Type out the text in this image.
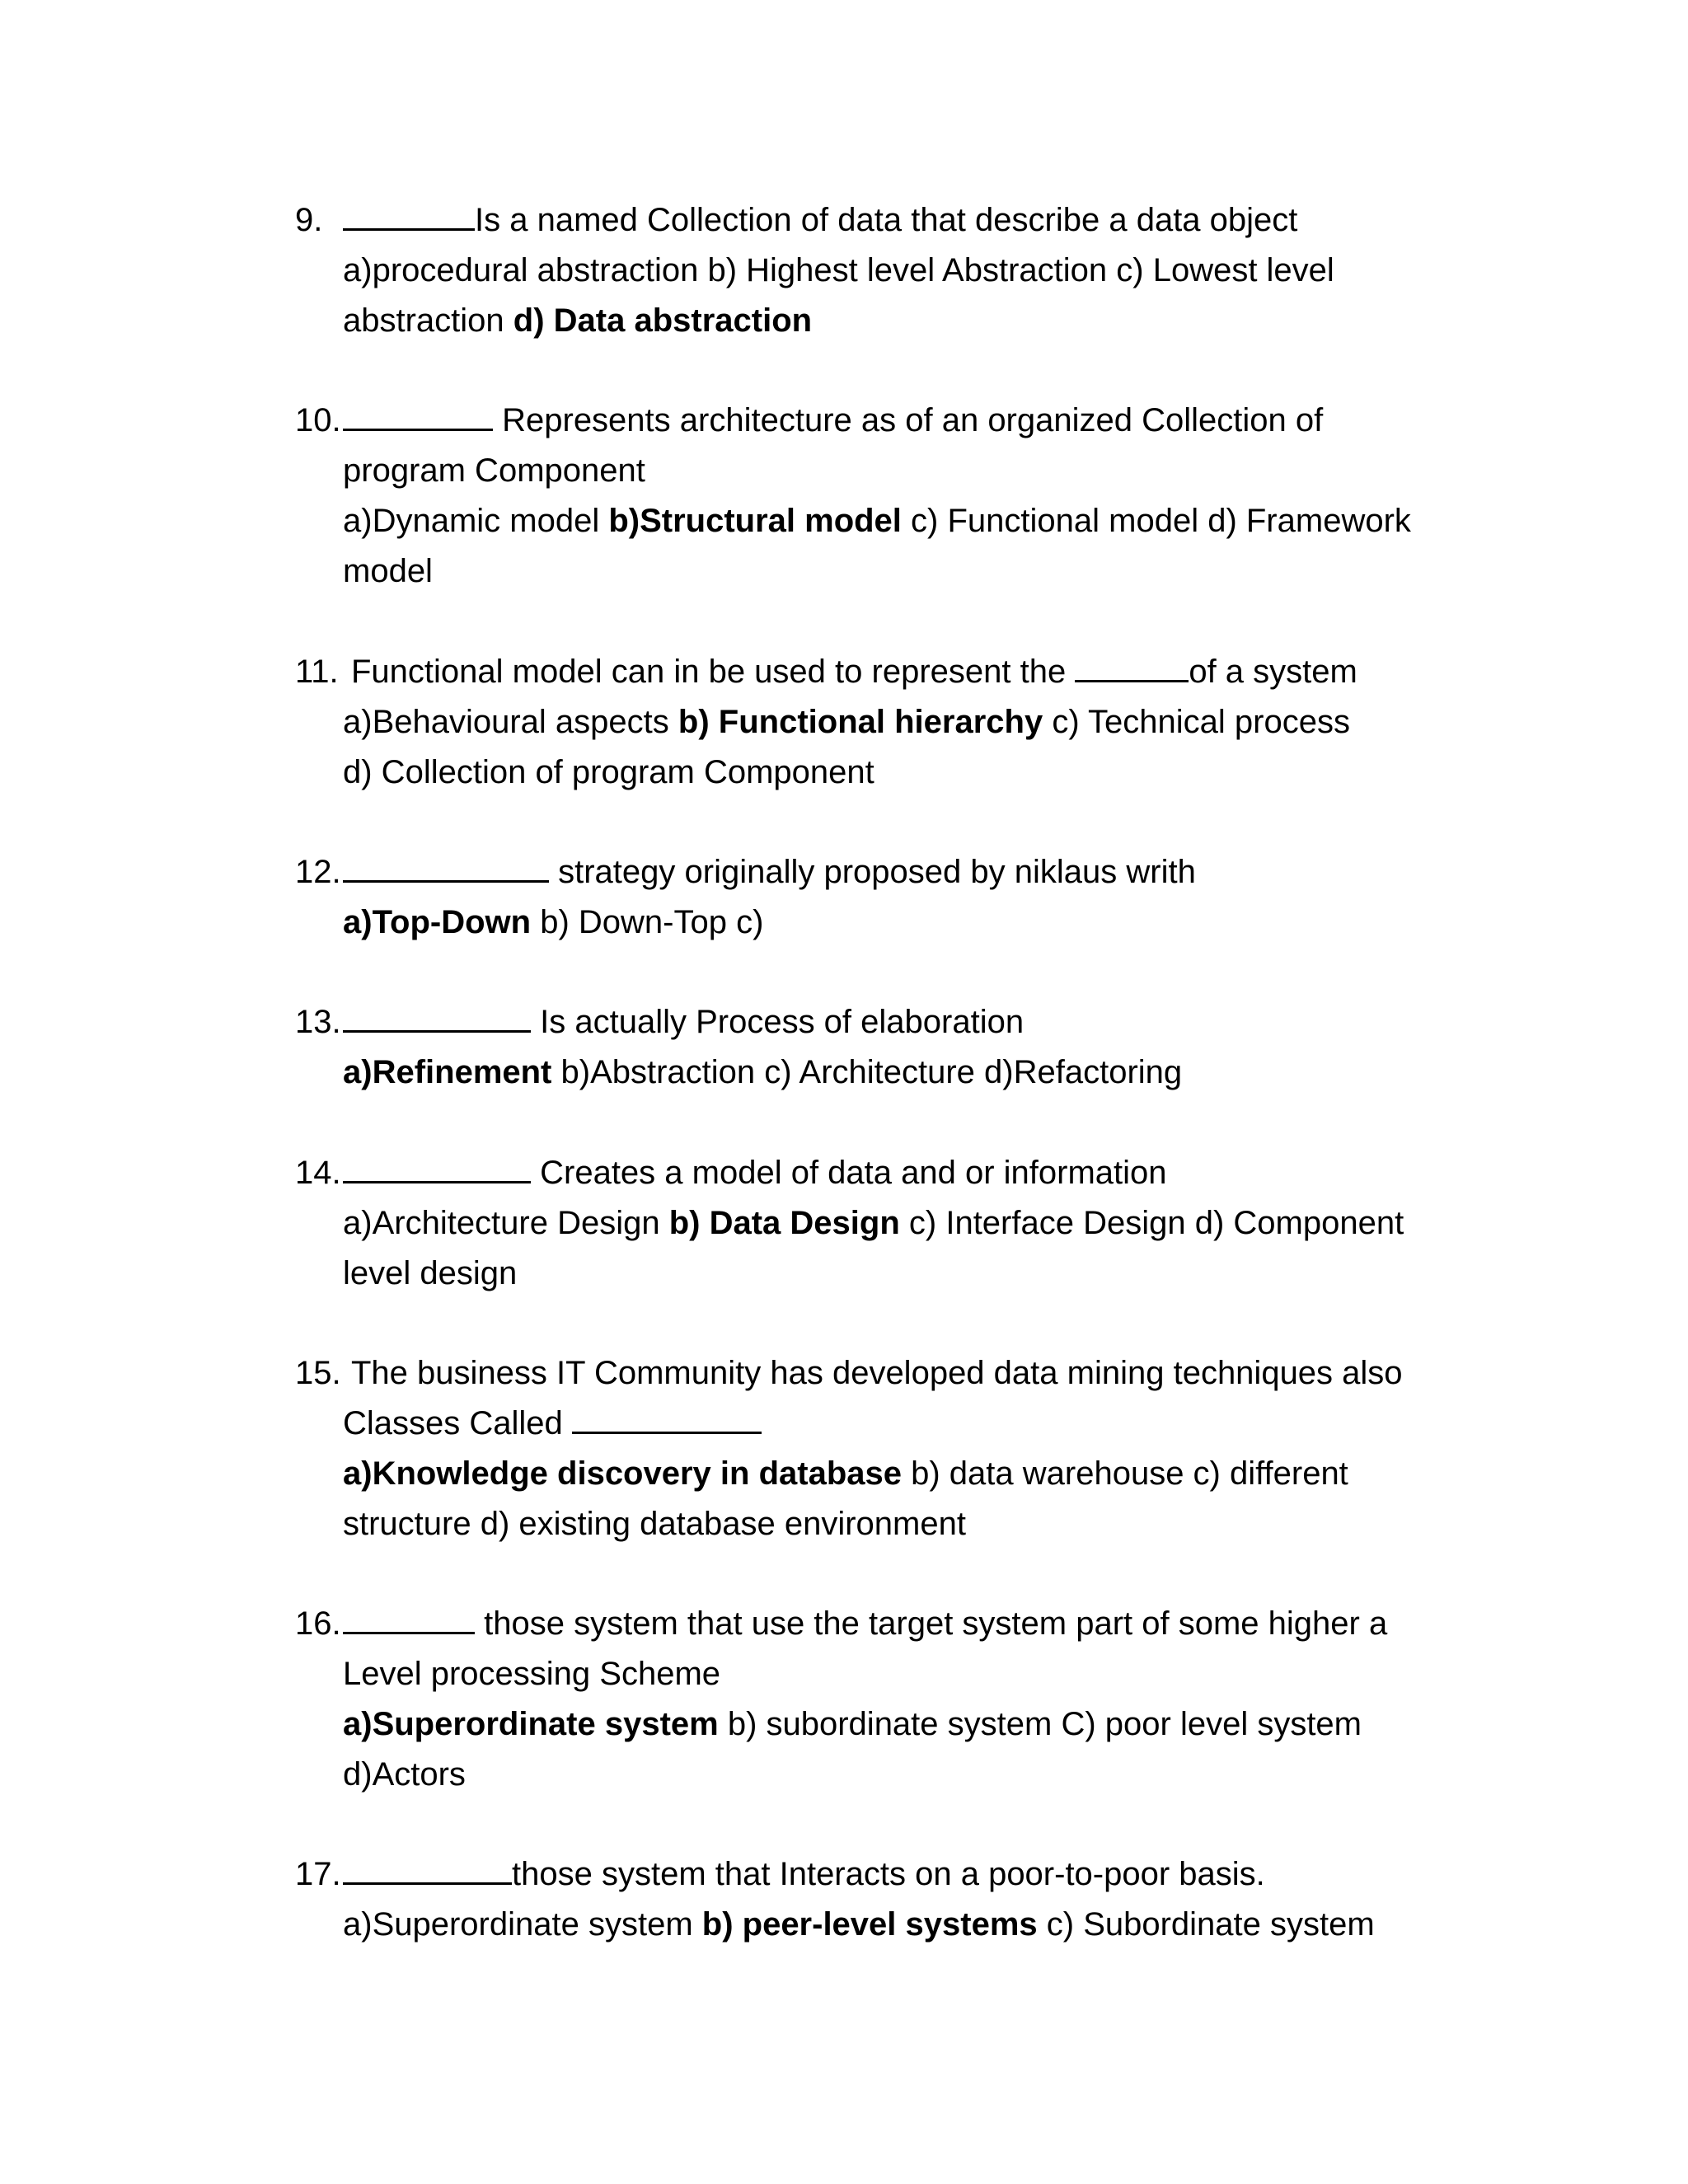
9.	Is a named Collection of data that describe a data object
a)procedural abstraction b) Highest level Abstraction c) Lowest level
abstraction d) Data abstraction
10.	Represents architecture as of an organized Collection of
program Component
a)Dynamic model b)Structural model c) Functional model d) Framework
model
11. Functional model can in be used to represent the	of a system
a)Behavioural aspects b) Functional hierarchy c) Technical process
d) Collection of program Component
12.	strategy originally proposed by niklaus writh
a)Top-Down b) Down-Top c)
13.	Is actually Process of elaboration
a)Refinement b)Abstraction c) Architecture d)Refactoring
14.	Creates a model of data and or information
a)Architecture Design b) Data Design c) Interface Design d) Component
level design
15. The business IT Community has developed data mining techniques also
Classes Called
a)Knowledge discovery in database b) data warehouse c) different
structure d) existing database environment
16.	those system that use the target system part of some higher a
Level processing Scheme
a)Superordinate system b) subordinate system C) poor level system
d)Actors
17.	those system that Interacts on a poor-to-poor basis.
a)Superordinate system b) peer-level systems c) Subordinate system
